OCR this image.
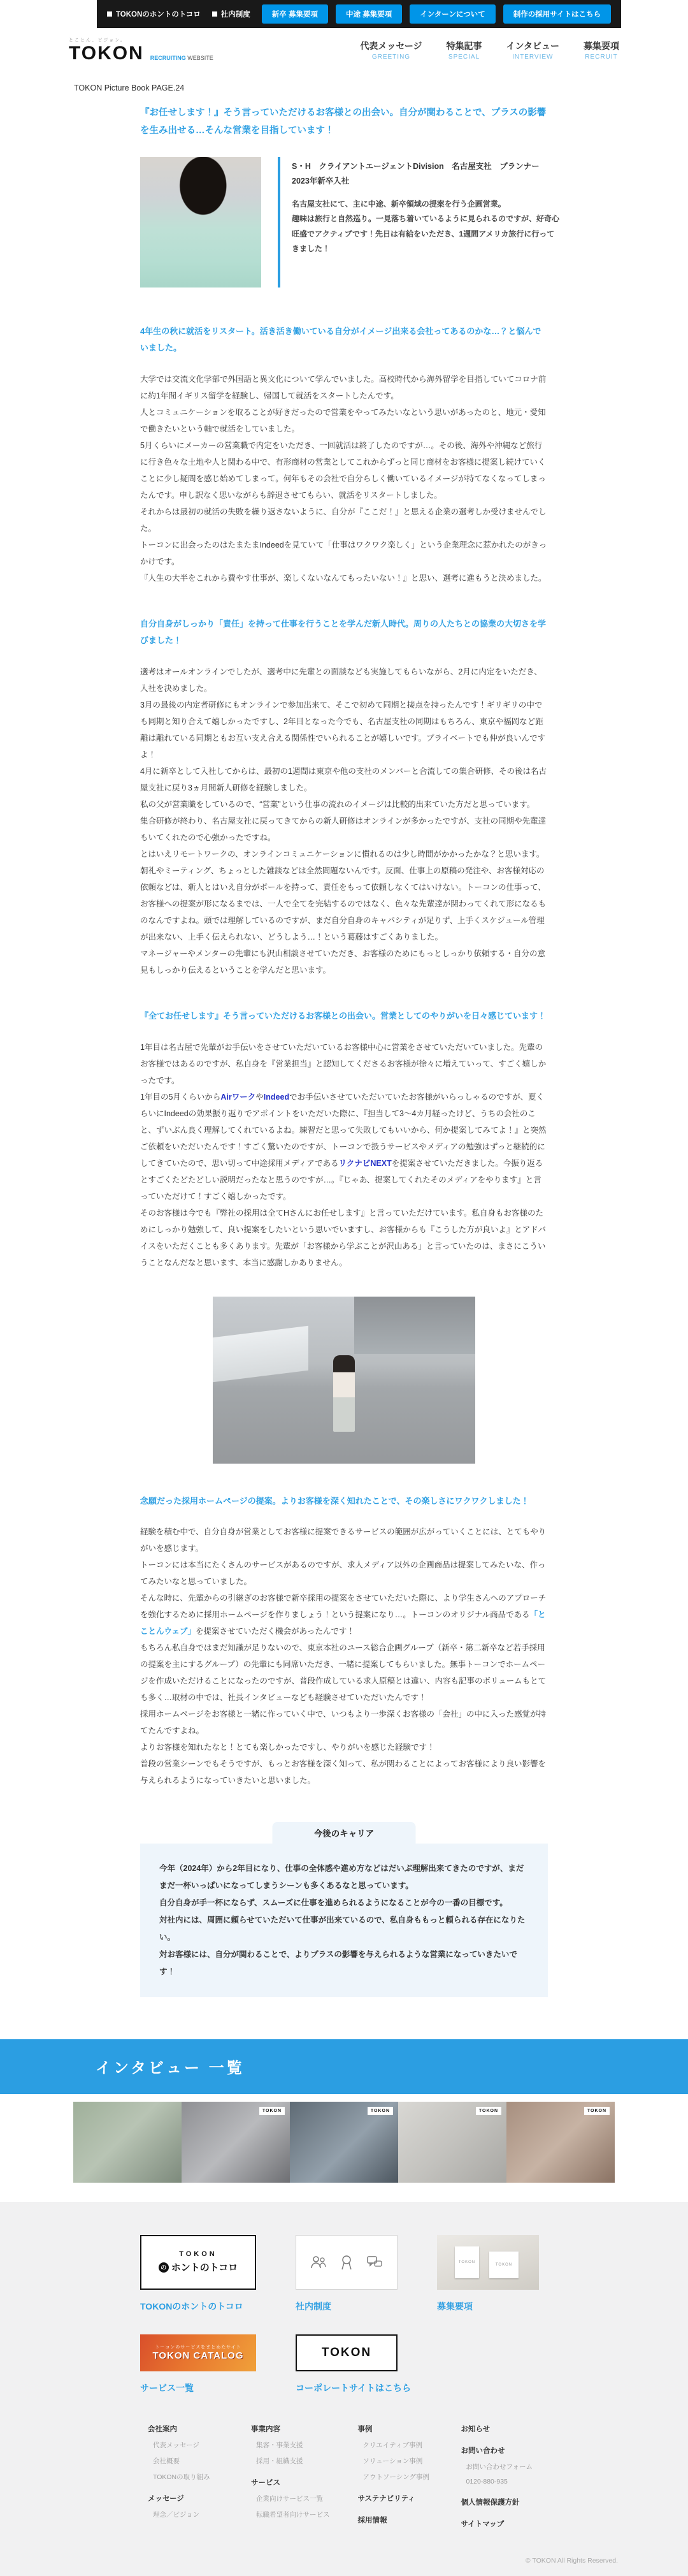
TOKONのホントのトコロ	社内制度	新卒 募集要項	中途 募集要項	インターンについて	制作の採用サイトはこちら
とことん、ビジョン。
TOKON RECRUITING WEBSITE
代表メッセージ
GREETING
特集記事
SPECIAL
インタビュー
INTERVIEW
募集要項
RECRUIT
TOKON Picture Book PAGE.24
『お任せします！』そう言っていただけるお客様との出会い。自分が関わることで、プラスの影響を生み出せる…そんな営業を目指しています！
S・H　クライアントエージェントDivision　名古屋支社　プランナー
2023年新卒入社
名古屋支社にて、主に中途、新卒領域の提案を行う企画営業。
趣味は旅行と自然巡り。一見落ち着いているように見られるのですが、好奇心旺盛でアクティブです！先日は有給をいただき、1週間アメリカ旅行に行ってきました！
4年生の秋に就活をリスタート。活き活き働いている自分がイメージ出来る会社ってあるのかな…？と悩んでいました。

大学では交流文化学部で外国語と異文化について学んでいました。高校時代から海外留学を目指していてコロナ前に約1年間イギリス留学を経験し、帰国して就活をスタートしたんです。

人とコミュニケーションを取ることが好きだったので営業をやってみたいなという思いがあったのと、地元・愛知で働きたいという軸で就活をしていました。

5月くらいにメーカーの営業職で内定をいただき、一回就活は終了したのですが…。その後、海外や沖縄など旅行に行き色々な土地や人と関わる中で、有形商材の営業としてこれからずっと同じ商材をお客様に提案し続けていくことに少し疑問を感じ始めてしまって。何年もその会社で自分らしく働いているイメージが持てなくなってしまったんです。申し訳なく思いながらも辞退させてもらい、就活をリスタートしました。

それからは最初の就活の失敗を繰り返さないように、自分が『ここだ！』と思える企業の選考しか受けませんでした。

トーコンに出会ったのはたまたまIndeedを見ていて「仕事はワクワク楽しく」という企業理念に惹かれたのがきっかけです。

『人生の大半をこれから費やす仕事が、楽しくないなんてもったいない！』と思い、選考に進もうと決めました。

自分自身がしっかり「責任」を持って仕事を行うことを学んだ新人時代。周りの人たちとの協業の大切さを学びました！

選考はオールオンラインでしたが、選考中に先輩との面談なども実施してもらいながら、2月に内定をいただき、入社を決めました。

3月の最後の内定者研修にもオンラインで参加出来て、そこで初めて同期と接点を持ったんです！ギリギリの中でも同期と知り合えて嬉しかったですし、2年目となった今でも、名古屋支社の同期はもちろん、東京や福岡など距離は離れている同期ともお互い支え合える関係性でいられることが嬉しいです。プライベートでも仲が良いんですよ！

4月に新卒として入社してからは、最初の1週間は東京や他の支社のメンバーと合流しての集合研修、その後は名古屋支社に戻り3ヵ月間新人研修を経験しました。

私の父が営業職をしているので、“営業”という仕事の流れのイメージは比較的出来ていた方だと思っています。

集合研修が終わり、名古屋支社に戻ってきてからの新人研修はオンラインが多かったですが、支社の同期や先輩達もいてくれたので心強かったですね。

とはいえリモートワークの、オンラインコミュニケーションに慣れるのは少し時間がかかったかな？と思います。朝礼やミーティング、ちょっとした雑談などは全然問題ないんです。反面、仕事上の原稿の発注や、お客様対応の依頼などは、新人とはいえ自分がボールを持って、責任をもって依頼しなくてはいけない。トーコンの仕事って、お客様への提案が形になるまでは、一人で全てを完結するのではなく、色々な先輩達が関わってくれて形になるものなんですよね。頭では理解しているのですが、まだ自分自身のキャパシティが足りず、上手くスケジュール管理が出来ない、上手く伝えられない、どうしよう…！という葛藤はすごくありました。

マネージャーやメンターの先輩にも沢山相談させていただき、お客様のためにもっとしっかり依頼する・自分の意見もしっかり伝えるということを学んだと思います。

『全てお任せします』そう言っていただけるお客様との出会い。営業としてのやりがいを日々感じています！

1年目は名古屋で先輩がお手伝いをさせていただいているお客様中心に営業をさせていただいていました。先輩のお客様ではあるのですが、私自身を『営業担当』と認知してくださるお客様が徐々に増えていって、すごく嬉しかったです。

1年目の5月くらいからAirワークやIndeedでお手伝いさせていただいていたお客様がいらっしゃるのですが、夏くらいにIndeedの効果振り返りでアポイントをいただいた際に、『担当して3～4カ月経ったけど、うちの会社のこと、ずいぶん良く理解してくれているよね。練習だと思って失敗してもいいから、何か提案してみてよ！』と突然ご依頼をいただいたんです！すごく驚いたのですが、トーコンで扱うサービスやメディアの勉強はずっと継続的にしてきていたので、思い切って中途採用メディアであるリクナビNEXTを提案させていただきました。今振り返るとすごくたどたどしい説明だったなと思うのですが…。『じゃあ、提案してくれたそのメディアをやります』と言っていただけて！すごく嬉しかったです。

そのお客様は今でも『弊社の採用は全てHさんにお任せします』と言っていただけています。私自身もお客様のためにしっかり勉強して、良い提案をしたいという思いでいますし、お客様からも『こうした方が良いよ』とアドバイスをいただくことも多くあります。先輩が「お客様から学ぶことが沢山ある」と言っていたのは、まさにこういうことなんだなと思います、本当に感謝しかありません。

念願だった採用ホームページの提案。よりお客様を深く知れたことで、その楽しさにワクワクしました！

経験を積む中で、自分自身が営業としてお客様に提案できるサービスの範囲が広がっていくことには、とてもやりがいを感じます。

トーコンには本当にたくさんのサービスがあるのですが、求人メディア以外の企画商品は提案してみたいな、作ってみたいなと思っていました。

そんな時に、先輩からの引継ぎのお客様で新卒採用の提案をさせていただいた際に、より学生さんへのアプローチを強化するために採用ホームページを作りましょう！という提案になり…。トーコンのオリジナル商品である「とことんウェブ」を提案させていただく機会があったんです！

もちろん私自身ではまだ知識が足りないので、東京本社のユース総合企画グループ（新卒・第二新卒など若手採用の提案を主にするグループ）の先輩にも同席いただき、一緒に提案してもらいました。無事トーコンでホームページを作成いただけることになったのですが、普段作成している求人原稿とは違い、内容も記事のボリュームもとても多く…取材の中では、社長インタビューなども経験させていただいたんです！

採用ホームページをお客様と一緒に作っていく中で、いつもより一歩深くお客様の「会社」の中に入った感覚が持てたんですよね。

よりお客様を知れたなと！とても楽しかったですし、やりがいを感じた経験です！

普段の営業シーンでもそうですが、もっとお客様を深く知って、私が関わることによってお客様により良い影響を与えられるようになっていきたいと思いました。

今後のキャリア
今年（2024年）から2年目になり、仕事の全体感や進め方などはだいぶ理解出来てきたのですが、まだまだ一杯いっぱいになってしまうシーンも多くあるなと思っています。
自分自身が手一杯にならず、スムーズに仕事を進められるようになることが今の一番の目標です。
対社内には、周囲に頼らせていただいて仕事が出来ているので、私自身ももっと頼られる存在になりたい。
対お客様には、自分が関わることで、よりプラスの影響を与えられるような営業になっていきたいです！
インタビュー 一覧
TOKON	TOKON	TOKON	TOKON
TOKON
の ホントのトコロ
TOKONのホントのトコロ	社内制度
TOKON
TOKON
募集要項
トーコンのサービスをまとめたサイト
TOKON CATALOG
サービス一覧
TOKON
コーポレートサイトはこちら
会社案内
代表メッセージ
会社概要
TOKONの取り組み
メッセージ
理念／ビジョン
事業内容
集客・事業支援
採用・組織支援
サービス
企業向けサービス一覧
転職希望者向けサービス
事例
クリエイティブ事例
ソリューション事例
アウトソーシング事例
サステナビリティ
採用情報
お知らせ
お問い合わせ
お問い合わせフォーム
0120-880-935
個人情報保護方針
サイトマップ
© TOKON All Rights Reserved.
